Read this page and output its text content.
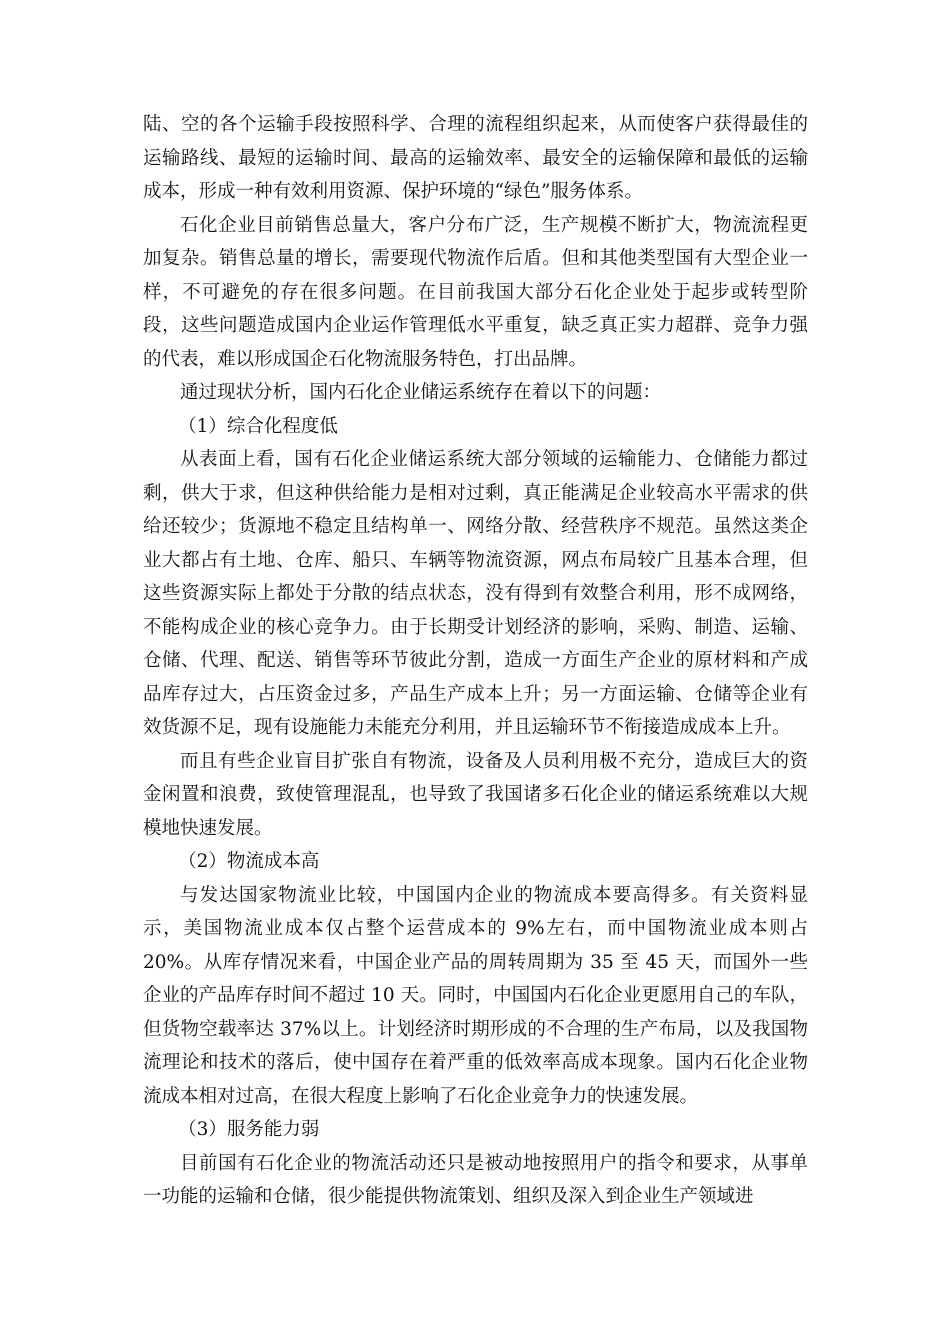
陆、空的各个运输手段按照科学、合理的流程组织起来，从而使客户获得最佳的运输路线、最短的运输时间、最高的运输效率、最安全的运输保障和最低的运输成本，形成一种有效利用资源、保护环境的“绿色”服务体系。

石化企业目前销售总量大，客户分布广泛，生产规模不断扩大，物流流程更加复杂。销售总量的增长，需要现代物流作后盾。但和其他类型国有大型企业一样，不可避免的存在很多问题。在目前我国大部分石化企业处于起步或转型阶段，这些问题造成国内企业运作管理低水平重复，缺乏真正实力超群、竞争力强的代表，难以形成国企石化物流服务特色，打出品牌。

通过现状分析，国内石化企业储运系统存在着以下的问题：

（1）综合化程度低

从表面上看，国有石化企业储运系统大部分领域的运输能力、仓储能力都过剩，供大于求，但这种供给能力是相对过剩，真正能满足企业较高水平需求的供给还较少；货源地不稳定且结构单一、网络分散、经营秩序不规范。虽然这类企业大都占有土地、仓库、船只、车辆等物流资源，网点布局较广且基本合理，但这些资源实际上都处于分散的结点状态，没有得到有效整合利用，形不成网络，不能构成企业的核心竞争力。由于长期受计划经济的影响，采购、制造、运输、仓储、代理、配送、销售等环节彼此分割，造成一方面生产企业的原材料和产成品库存过大，占压资金过多，产品生产成本上升；另一方面运输、仓储等企业有效货源不足，现有设施能力未能充分利用，并且运输环节不衔接造成成本上升。

而且有些企业盲目扩张自有物流，设备及人员利用极不充分，造成巨大的资金闲置和浪费，致使管理混乱，也导致了我国诸多石化企业的储运系统难以大规模地快速发展。

（2）物流成本高

与发达国家物流业比较，中国国内企业的物流成本要高得多。有关资料显示，美国物流业成本仅占整个运营成本的 9%左右，而中国物流业成本则占 20%。从库存情况来看，中国企业产品的周转周期为 35 至 45 天，而国外一些企业的产品库存时间不超过 10 天。同时，中国国内石化企业更愿用自己的车队，但货物空载率达 37%以上。计划经济时期形成的不合理的生产布局，以及我国物流理论和技术的落后，使中国存在着严重的低效率高成本现象。国内石化企业物流成本相对过高，在很大程度上影响了石化企业竞争力的快速发展。

（3）服务能力弱

目前国有石化企业的物流活动还只是被动地按照用户的指令和要求，从事单一功能的运输和仓储，很少能提供物流策划、组织及深入到企业生产领域进
